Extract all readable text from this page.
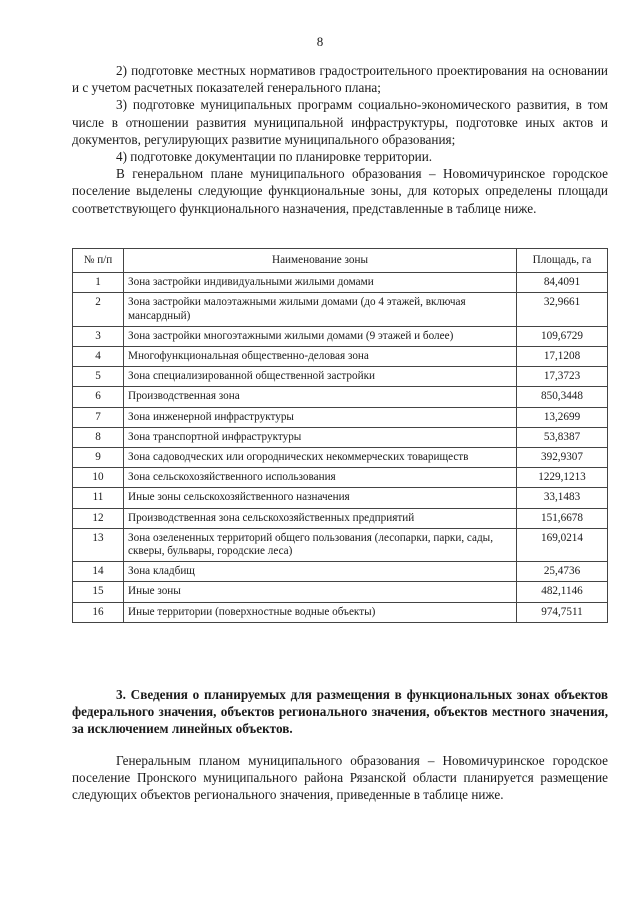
8

2) подготовке местных нормативов градостроительного проектирования на основании и с учетом расчетных показателей генерального плана;

3) подготовке муниципальных программ социально-экономического развития, в том числе в отношении развития муниципальной инфраструктуры, подготовке иных актов и документов, регулирующих развитие муниципального образования;

4) подготовке документации по планировке территории.

В генеральном плане муниципального образования – Новомичуринское городское поселение выделены следующие функциональные зоны, для которых определены площади соответствующего функционального назначения, представленные в таблице ниже.

№ п/п	Наименование зоны	Площадь, га
1	Зона застройки индивидуальными жилыми домами	84,4091
2	Зона застройки малоэтажными жилыми домами (до 4 этажей, включая мансардный)	32,9661
3	Зона застройки многоэтажными жилыми домами (9 этажей и более)	109,6729
4	Многофункциональная общественно-деловая зона	17,1208
5	Зона специализированной общественной застройки	17,3723
6	Производственная зона	850,3448
7	Зона инженерной инфраструктуры	13,2699
8	Зона транспортной инфраструктуры	53,8387
9	Зона садоводческих или огороднических некоммерческих товариществ	392,9307
10	Зона сельскохозяйственного использования	1229,1213
11	Иные зоны сельскохозяйственного назначения	33,1483
12	Производственная зона сельскохозяйственных предприятий	151,6678
13	Зона озелененных территорий общего пользования (лесопарки, парки, сады, скверы, бульвары, городские леса)	169,0214
14	Зона кладбищ	25,4736
15	Иные зоны	482,1146
16	Иные территории (поверхностные водные объекты)	974,7511
3. Сведения о планируемых для размещения в функциональных зонах объектов федерального значения, объектов регионального значения, объектов местного значения, за исключением линейных объектов.

Генеральным планом муниципального образования – Новомичуринское городское поселение Пронского муниципального района Рязанской области планируется размещение следующих объектов регионального значения, приведенные в таблице ниже.
